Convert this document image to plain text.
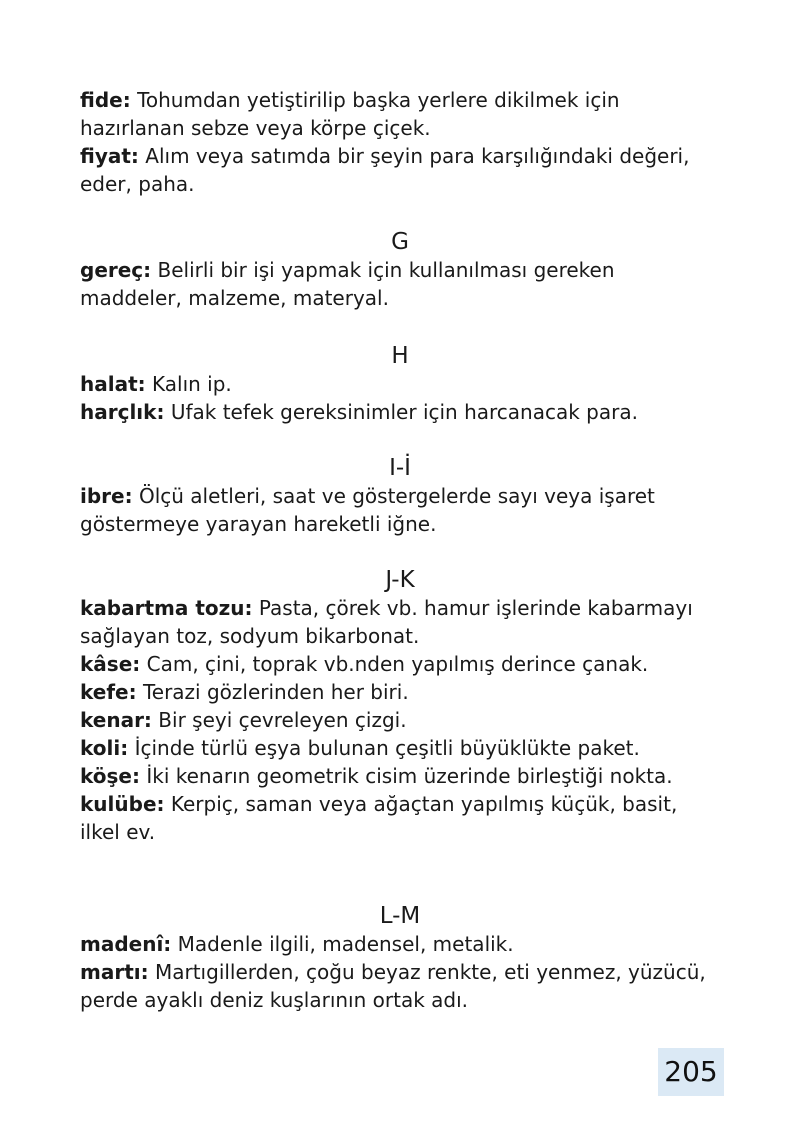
fide: Tohumdan yetiştirilip başka yerlere dikilmek için hazırlanan sebze veya körpe çiçek.

fiyat: Alım veya satımda bir şeyin para karşılığındaki değeri, eder, paha.

G

gereç: Belirli bir işi yapmak için kullanılması gereken maddeler, malzeme, materyal.

H

halat: Kalın ip.

harçlık: Ufak tefek gereksinimler için harcanacak para.

I-İ

ibre: Ölçü aletleri, saat ve göstergelerde sayı veya işaret göstermeye yarayan hareketli iğne.

J-K

kabartma tozu: Pasta, çörek vb. hamur işlerinde kabarmayı sağlayan toz, sodyum bikarbonat.

kâse: Cam, çini, toprak vb.nden yapılmış derince çanak.

kefe: Terazi gözlerinden her biri.

kenar: Bir şeyi çevreleyen çizgi.

koli: İçinde türlü eşya bulunan çeşitli büyüklükte paket.

köşe: İki kenarın geometrik cisim üzerinde birleştiği nokta.

kulübe: Kerpiç, saman veya ağaçtan yapılmış küçük, basit, ilkel ev.

L-M

madenî: Madenle ilgili, madensel, metalik.

martı: Martıgillerden, çoğu beyaz renkte, eti yenmez, yüzücü, perde ayaklı deniz kuşlarının ortak adı.

205
